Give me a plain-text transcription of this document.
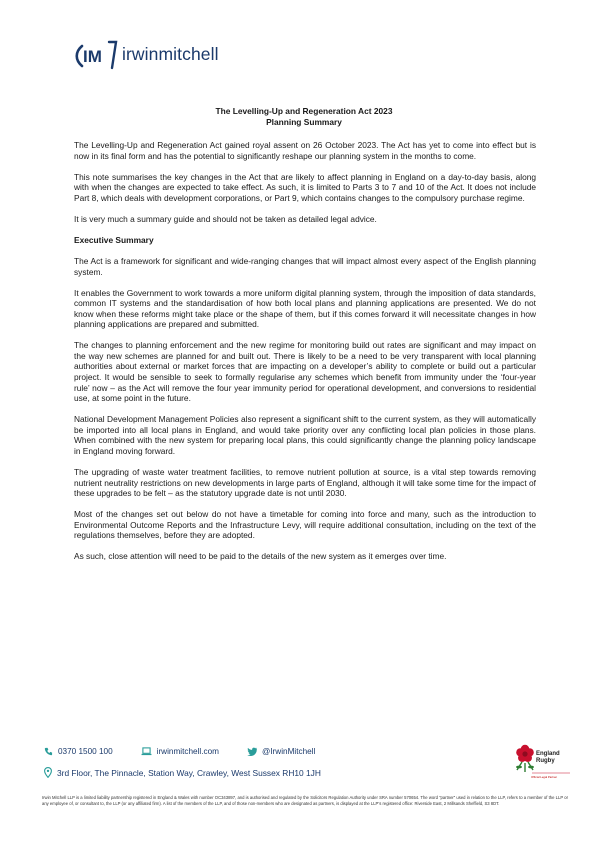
IM irwinmitchell
The Levelling-Up and Regeneration Act 2023
Planning Summary

The Levelling-Up and Regeneration Act gained royal assent on 26 October 2023. The Act has yet to come into effect but is now in its final form and has the potential to significantly reshape our planning system in the months to come.

This note summarises the key changes in the Act that are likely to affect planning in England on a day-to-day basis, along with when the changes are expected to take effect. As such, it is limited to Parts 3 to 7 and 10 of the Act. It does not include Part 8, which deals with development corporations, or Part 9, which contains changes to the compulsory purchase regime.

It is very much a summary guide and should not be taken as detailed legal advice.

Executive Summary

The Act is a framework for significant and wide-ranging changes that will impact almost every aspect of the English planning system.

It enables the Government to work towards a more uniform digital planning system, through the imposition of data standards, common IT systems and the standardisation of how both local plans and planning applications are presented. We do not know when these reforms might take place or the shape of them, but if this comes forward it will necessitate changes in how planning applications are prepared and submitted.

The changes to planning enforcement and the new regime for monitoring build out rates are significant and may impact on the way new schemes are planned for and built out. There is likely to be a need to be very transparent with local planning authorities about external or market forces that are impacting on a developer’s ability to complete or build out a particular project. It would be sensible to seek to formally regularise any schemes which benefit from immunity under the ‘four-year rule’ now – as the Act will remove the four year immunity period for operational development, and conversions to residential use, at some point in the future.

National Development Management Policies also represent a significant shift to the current system, as they will automatically be imported into all local plans in England, and would take priority over any conflicting local plan policies in those plans. When combined with the new system for preparing local plans, this could significantly change the planning policy landscape in England moving forward.

The upgrading of waste water treatment facilities, to remove nutrient pollution at source, is a vital step towards removing nutrient neutrality restrictions on new developments in large parts of England, although it will take some time for the impact of these upgrades to be felt – as the statutory upgrade date is not until 2030.

Most of the changes set out below do not have a timetable for coming into force and many, such as the introduction to Environmental Outcome Reports and the Infrastructure Levy, will require additional consultation, including on the text of the regulations themselves, before they are adopted.

As such, close attention will need to be paid to the details of the new system as it emerges over time.

0370 1500 100	irwinmitchell.com	@IrwinMitchell
3rd Floor, The Pinnacle, Station Way, Crawley, West Sussex RH10 1JH
England
Rugby
Official Legal Partner
Irwin Mitchell LLP is a limited liability partnership registered in England & Wales with number OC343897, and is authorised and regulated by the Solicitors Regulation Authority under SRA number 570654. The word “partner” used in relation to the LLP, refers to a member of the LLP or any employee of, or consultant to, the LLP (or any affiliated firm). A list of the members of the LLP, and of those non-members who are designated as partners, is displayed at the LLP’s registered office: Riverside East, 2 Millsands Sheffield, S3 8DT.
